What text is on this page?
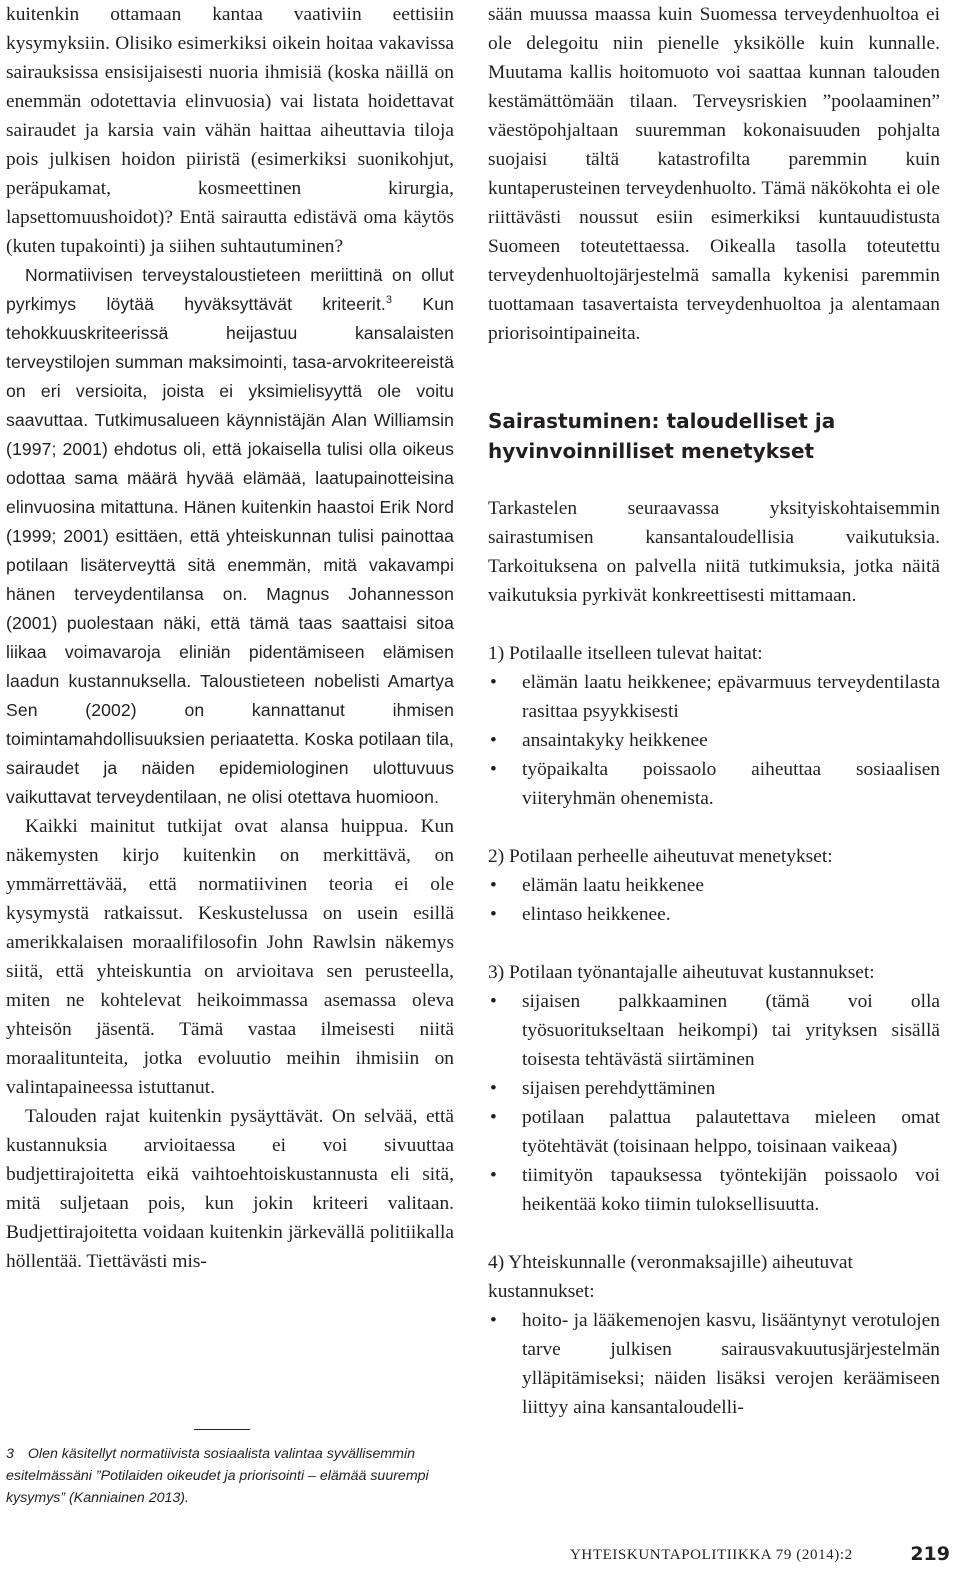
kuitenkin ottamaan kantaa vaativiin eettisiin kysymyksiin. Olisiko esimerkiksi oikein hoitaa vakavissa sairauksissa ensisijaisesti nuoria ihmisiä (koska näillä on enemmän odotettavia elinvuosia) vai listata hoidettavat sairaudet ja karsia vain vähän haittaa aiheuttavia tiloja pois julkisen hoidon piiristä (esimerkiksi suonikohjut, peräpukamat, kosmeettinen kirurgia, lapsettomuushoidot)? Entä sairautta edistävä oma käytös (kuten tupakointi) ja siihen suhtautuminen?

Normatiivisen terveystaloustieteen meriittinä on ollut pyrkimys löytää hyväksyttävät kriteerit.$^3$ Kun tehokkuuskriteerissä heijastuu kansalaisten terveystilojen summan maksimointi, tasa-arvokriteereistä on eri versioita, joista ei yksimielisyyttä ole voitu saavuttaa. Tutkimusalueen käynnistäjän Alan Williamsin (1997; 2001) ehdotus oli, että jokaisella tulisi olla oikeus odottaa sama määrä hyvää elämää, laatupainotteisina elinvuosina mitattuna. Hänen kuitenkin haastoi Erik Nord (1999; 2001) esittäen, että yhteiskunnan tulisi painottaa potilaan lisäterveyttä sitä enemmän, mitä vakavampi hänen terveydentilansa on. Magnus Johannesson (2001) puolestaan näki, että tämä taas saattaisi sitoa liikaa voimavaroja eliniän pidentämiseen elämisen laadun kustannuksella. Taloustieteen nobelisti Amartya Sen (2002) on kannattanut ihmisen toimintamahdollisuuksien periaatetta. Koska potilaan tila, sairaudet ja näiden epidemiologinen ulottuvuus vaikuttavat terveydentilaan, ne olisi otettava huomioon.

Kaikki mainitut tutkijat ovat alansa huippua. Kun näkemysten kirjo kuitenkin on merkittävä, on ymmärrettävää, että normatiivinen teoria ei ole kysymystä ratkaissut. Keskustelussa on usein esillä amerikkalaisen moraalifilosofin John Rawlsin näkemys siitä, että yhteiskuntia on arvioitava sen perusteella, miten ne kohtelevat heikoimmassa asemassa oleva yhteisön jäsentä. Tämä vastaa ilmeisesti niitä moraalitunteita, jotka evoluutio meihin ihmisiin on valintapaineessa istuttanut.

Talouden rajat kuitenkin pysäyttävät. On selvää, että kustannuksia arvioitaessa ei voi sivuuttaa budjettirajoitetta eikä vaihtoehtoiskustannusta eli sitä, mitä suljetaan pois, kun jokin kriteeri valitaan. Budjettirajoitetta voidaan kuitenkin järkevällä politiikalla höllentää. Tiettävästi mis-

3 Olen käsitellyt normatiivista sosiaalista valintaa syvällisemmin esitelmässäni ”Potilaiden oikeudet ja priorisointi – elämää suurempi kysymys” (Kanniainen 2013).

sään muussa maassa kuin Suomessa terveydenhuoltoa ei ole delegoitu niin pienelle yksikölle kuin kunnalle. Muutama kallis hoitomuoto voi saattaa kunnan talouden kestämättömään tilaan. Terveysriskien ”poolaaminen” väestöpohjaltaan suuremman kokonaisuuden pohjalta suojaisi tältä katastrofilta paremmin kuin kuntaperusteinen terveydenhuolto. Tämä näkökohta ei ole riittävästi noussut esiin esimerkiksi kuntauudistusta Suomeen toteutettaessa. Oikealla tasolla toteutettu terveydenhuoltojärjestelmä samalla kykenisi paremmin tuottamaan tasavertaista terveydenhuoltoa ja alentamaan priorisointipaineita.

Sairastuminen: taloudelliset ja hyvinvoinnilliset menetykset

Tarkastelen seuraavassa yksityiskohtaisemmin sairastumisen kansantaloudellisia vaikutuksia. Tarkoituksena on palvella niitä tutkimuksia, jotka näitä vaikutuksia pyrkivät konkreettisesti mittamaan.

1) Potilaalle itselleen tulevat haitat:

• elämän laatu heikkenee; epävarmuus terveydentilasta rasittaa psyykkisesti
• ansaintakyky heikkenee
• työpaikalta poissaolo aiheuttaa sosiaalisen viiteryhmän ohenemista.

2) Potilaan perheelle aiheutuvat menetykset:

• elämän laatu heikkenee
• elintaso heikkenee.

3) Potilaan työnantajalle aiheutuvat kustannukset:

• sijaisen palkkaaminen (tämä voi olla työsuoritukseltaan heikompi) tai yrityksen sisällä toisesta tehtävästä siirtäminen
• sijaisen perehdyttäminen
• potilaan palattua palautettava mieleen omat työtehtävät (toisinaan helppo, toisinaan vaikeaa)
• tiimityön tapauksessa työntekijän poissaolo voi heikentää koko tiimin tuloksellisuutta.

4) Yhteiskunnalle (veronmaksajille) aiheutuvat kustannukset:

• hoito- ja lääkemenojen kasvu, lisääntynyt verotulojen tarve julkisen sairausvakuutusjärjestelmän ylläpitämiseksi; näiden lisäksi verojen keräämiseen liittyy aina kansantaloudelli-
YHTEISKUNTAPOLITIIKKA 79 (2014):2	219
